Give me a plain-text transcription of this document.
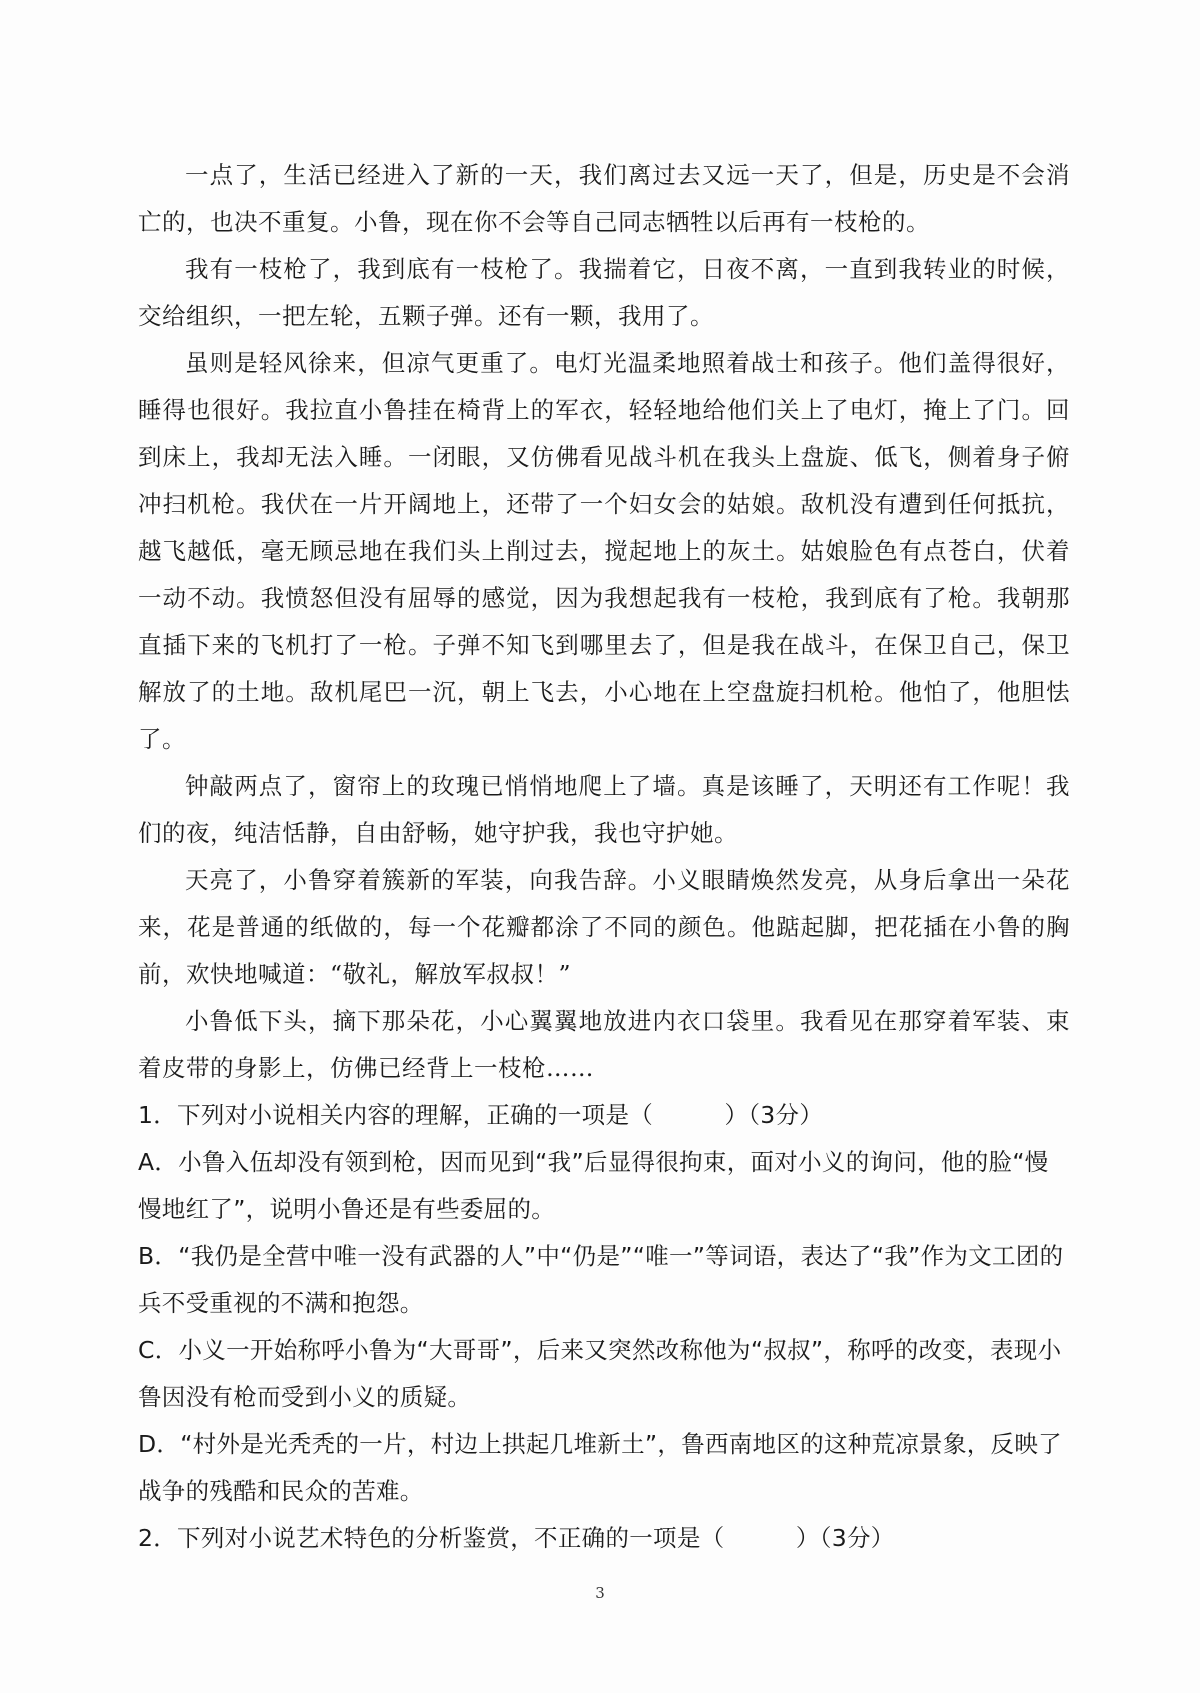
一点了，生活已经进入了新的一天，我们离过去又远一天了，但是，历史是不会消亡的，也决不重复。小鲁，现在你不会等自己同志牺牲以后再有一枝枪的。

我有一枝枪了，我到底有一枝枪了。我揣着它，日夜不离，一直到我转业的时候，交给组织，一把左轮，五颗子弹。还有一颗，我用了。

虽则是轻风徐来，但凉气更重了。电灯光温柔地照着战士和孩子。他们盖得很好，睡得也很好。我拉直小鲁挂在椅背上的军衣，轻轻地给他们关上了电灯，掩上了门。回到床上，我却无法入睡。一闭眼，又仿佛看见战斗机在我头上盘旋、低飞，侧着身子俯冲扫机枪。我伏在一片开阔地上，还带了一个妇女会的姑娘。敌机没有遭到任何抵抗，越飞越低，毫无顾忌地在我们头上削过去，搅起地上的灰土。姑娘脸色有点苍白，伏着一动不动。我愤怒但没有屈辱的感觉，因为我想起我有一枝枪，我到底有了枪。我朝那直插下来的飞机打了一枪。子弹不知飞到哪里去了，但是我在战斗，在保卫自己，保卫解放了的土地。敌机尾巴一沉，朝上飞去，小心地在上空盘旋扫机枪。他怕了，他胆怯了。

钟敲两点了，窗帘上的玫瑰已悄悄地爬上了墙。真是该睡了，天明还有工作呢！我们的夜，纯洁恬静，自由舒畅，她守护我，我也守护她。

天亮了，小鲁穿着簇新的军装，向我告辞。小义眼睛焕然发亮，从身后拿出一朵花来，花是普通的纸做的，每一个花瓣都涂了不同的颜色。他踮起脚，把花插在小鲁的胸前，欢快地喊道：“敬礼，解放军叔叔！”

小鲁低下头，摘下那朵花，小心翼翼地放进内衣口袋里。我看见在那穿着军装、束着皮带的身影上，仿佛已经背上一枝枪……

1．下列对小说相关内容的理解，正确的一项是（　　　）（3分）

A．小鲁入伍却没有领到枪，因而见到“我”后显得很拘束，面对小义的询问，他的脸“慢慢地红了”，说明小鲁还是有些委屈的。

B．“我仍是全营中唯一没有武器的人”中“仍是”“唯一”等词语，表达了“我”作为文工团的兵不受重视的不满和抱怨。

C．小义一开始称呼小鲁为“大哥哥”，后来又突然改称他为“叔叔”，称呼的改变，表现小鲁因没有枪而受到小义的质疑。

D．“村外是光秃秃的一片，村边上拱起几堆新土”，鲁西南地区的这种荒凉景象，反映了战争的残酷和民众的苦难。

2．下列对小说艺术特色的分析鉴赏，不正确的一项是（　　　）（3分）

3
